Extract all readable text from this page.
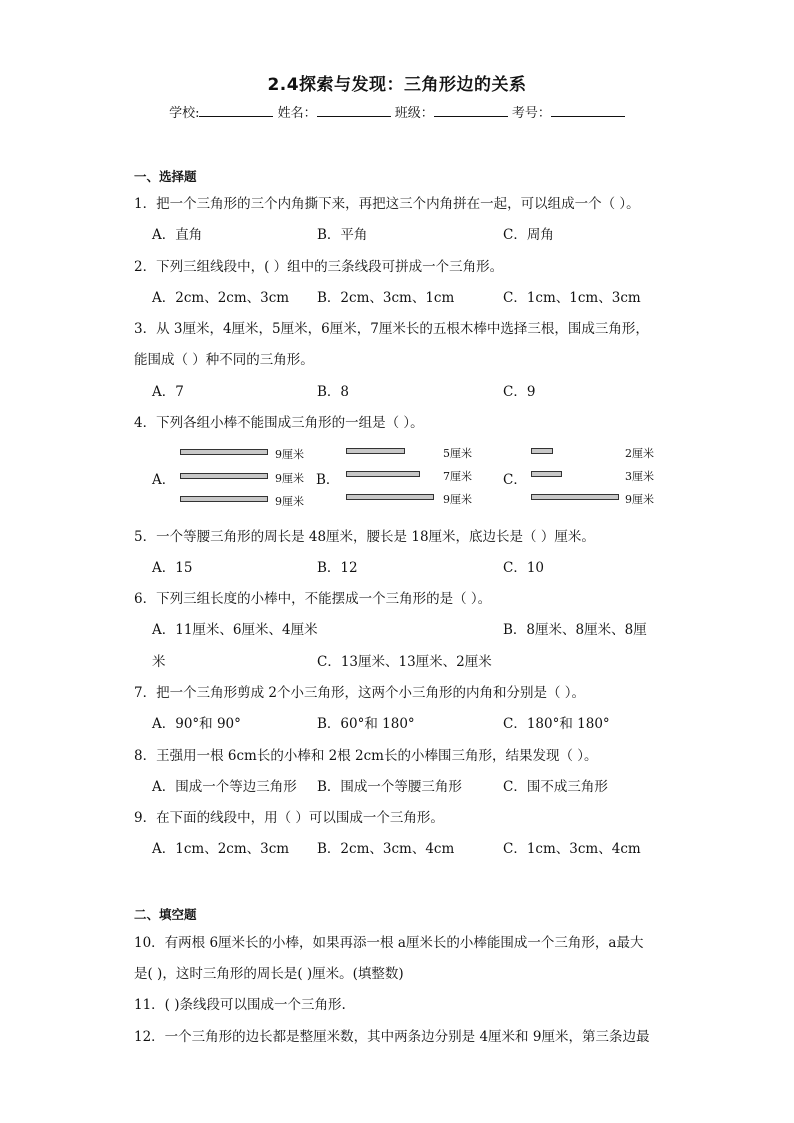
2.4探索与发现：三角形边的关系
学校:	姓名：	班级：	考号：
一、选择题
1．把一个三角形的三个内角撕下来，再把这三个内角拼在一起，可以组成一个（ ）。
A．直角	B．平角	C．周角
2．下列三组线段中，( ）组中的三条线段可拼成一个三角形。
A．2cm、2cm、3cm B．2cm、3cm、1cm	C．1cm、1cm、3cm
3．从 3厘米，4厘米，5厘米，6厘米，7厘米长的五根木棒中选择三根，围成三角形，
能围成（ ）种不同的三角形。
A．7	B．8	C．9
4．下列各组小棒不能围成三角形的一组是（ ）。
A．
9厘米
9厘米
9厘米
B．
5厘米
7厘米
9厘米
C．
2厘米
3厘米
9厘米
5．一个等腰三角形的周长是 48厘米，腰长是 18厘米，底边长是（ ）厘米。
A．15	B．12	C．10
6．下列三组长度的小棒中，不能摆成一个三角形的是（ ）。
A．11厘米、6厘米、4厘米	B．8厘米、8厘米、8厘
米	C．13厘米、13厘米、2厘米
7．把一个三角形剪成 2个小三角形，这两个小三角形的内角和分别是（ ）。
A．90°和 90°	B．60°和 180°	C．180°和 180°
8．王强用一根 6cm长的小棒和 2根 2cm长的小棒围三角形，结果发现（ ）。
A．围成一个等边三角形 B．围成一个等腰三角形	C．围不成三角形
9．在下面的线段中，用（ ）可以围成一个三角形。
A．1cm、2cm、3cm B．2cm、3cm、4cm	C．1cm、3cm、4cm
二、填空题
10．有两根 6厘米长的小棒，如果再添一根 a厘米长的小棒能围成一个三角形，a最大
是( )，这时三角形的周长是( )厘米。(填整数)
11．( )条线段可以围成一个三角形.
12．一个三角形的边长都是整厘米数，其中两条边分别是 4厘米和 9厘米，第三条边最
